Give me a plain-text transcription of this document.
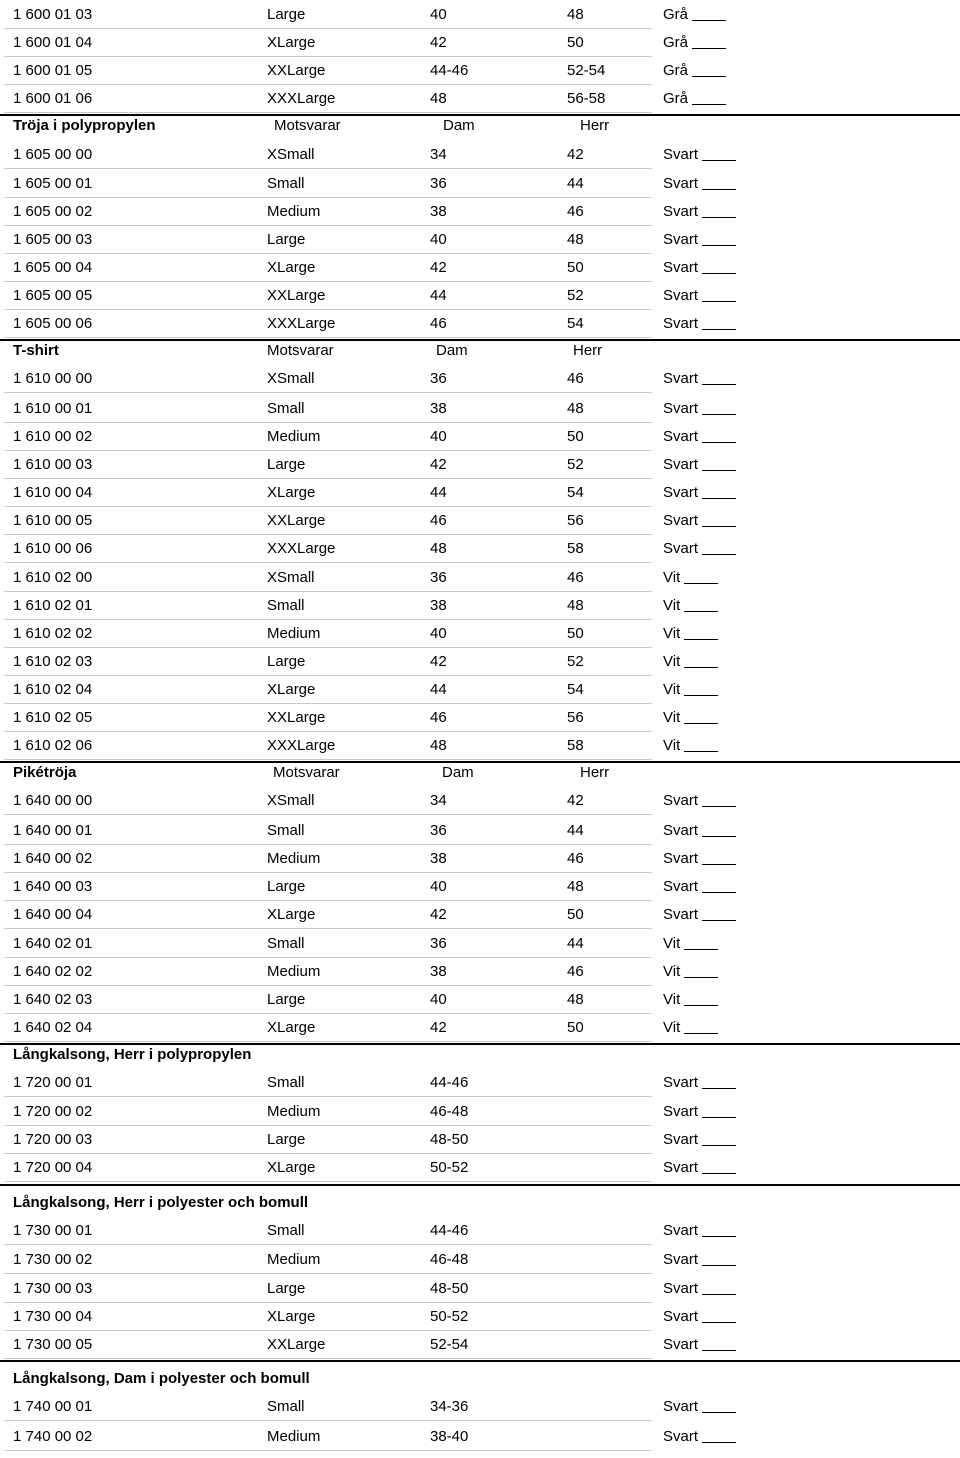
1 600 01 03	Large	40	48	Grå
1 600 01 04	XLarge	42	50	Grå
1 600 01 05	XXLarge	44-46	52-54	Grå
1 600 01 06	XXXLarge	48	56-58	Grå
Tröja i polypropylen	Motsvarar	Dam	Herr
1 605 00 00	XSmall	34	42	Svart
1 605 00 01	Small	36	44	Svart
1 605 00 02	Medium	38	46	Svart
1 605 00 03	Large	40	48	Svart
1 605 00 04	XLarge	42	50	Svart
1 605 00 05	XXLarge	44	52	Svart
1 605 00 06	XXXLarge	46	54	Svart
T-shirt	Motsvarar	Dam	Herr
1 610 00 00	XSmall	36	46	Svart
1 610 00 01	Small	38	48	Svart
1 610 00 02	Medium	40	50	Svart
1 610 00 03	Large	42	52	Svart
1 610 00 04	XLarge	44	54	Svart
1 610 00 05	XXLarge	46	56	Svart
1 610 00 06	XXXLarge	48	58	Svart
1 610 02 00	XSmall	36	46	Vit
1 610 02 01	Small	38	48	Vit
1 610 02 02	Medium	40	50	Vit
1 610 02 03	Large	42	52	Vit
1 610 02 04	XLarge	44	54	Vit
1 610 02 05	XXLarge	46	56	Vit
1 610 02 06	XXXLarge	48	58	Vit
Pikétröja	Motsvarar	Dam	Herr
1 640 00 00	XSmall	34	42	Svart
1 640 00 01	Small	36	44	Svart
1 640 00 02	Medium	38	46	Svart
1 640 00 03	Large	40	48	Svart
1 640 00 04	XLarge	42	50	Svart
1 640 02 01	Small	36	44	Vit
1 640 02 02	Medium	38	46	Vit
1 640 02 03	Large	40	48	Vit
1 640 02 04	XLarge	42	50	Vit
Långkalsong, Herr i polypropylen
1 720 00 01	Small	44-46	Svart
1 720 00 02	Medium	46-48	Svart
1 720 00 03	Large	48-50	Svart
1 720 00 04	XLarge	50-52	Svart
Långkalsong, Herr i polyester och bomull
1 730 00 01	Small	44-46	Svart
1 730 00 02	Medium	46-48	Svart
1 730 00 03	Large	48-50	Svart
1 730 00 04	XLarge	50-52	Svart
1 730 00 05	XXLarge	52-54	Svart
Långkalsong, Dam i polyester och bomull
1 740 00 01	Small	34-36	Svart
1 740 00 02	Medium	38-40	Svart
